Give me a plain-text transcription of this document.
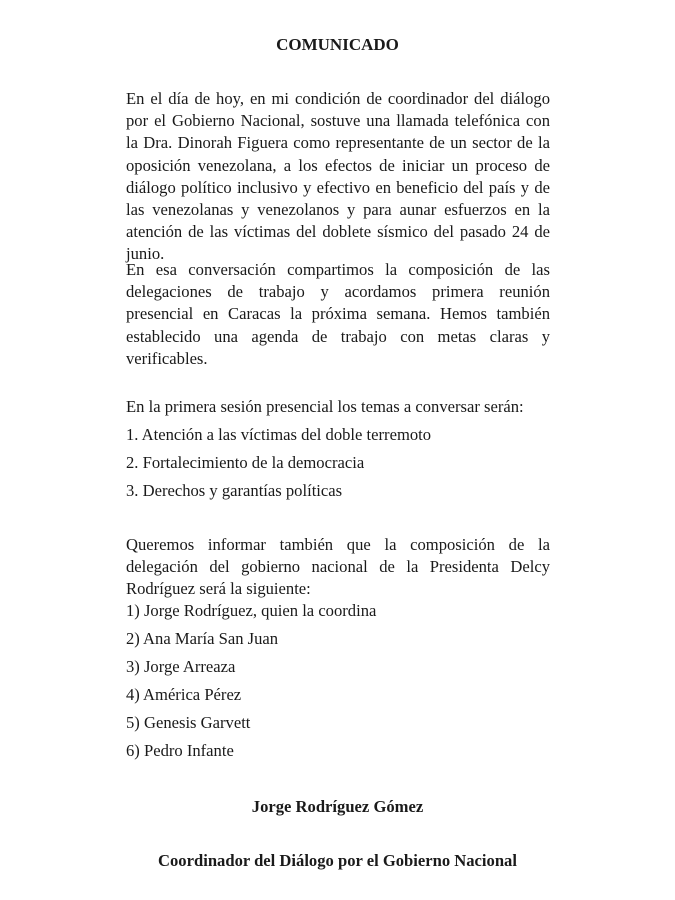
COMUNICADO

En el día de hoy, en mi condición de coordinador del diálogo por el Gobierno Nacional, sostuve una llamada telefónica con la Dra. Dinorah Figuera como representante de un sector de la oposición venezolana, a los efectos de iniciar un proceso de diálogo político inclusivo y efectivo en beneficio del país y de las venezolanas y venezolanos y para aunar esfuerzos en la atención de las víctimas del doblete sísmico del pasado 24 de junio.

En esa conversación compartimos la composición de las delegaciones de trabajo y acordamos primera reunión presencial en Caracas la próxima semana. Hemos también establecido una agenda de trabajo con metas claras y verificables.

En la primera sesión presencial los temas a conversar serán:

1. Atención a las víctimas del doble terremoto
2. Fortalecimiento de la democracia
3. Derechos y garantías políticas

Queremos informar también que la composición de la delegación del gobierno nacional de la Presidenta Delcy Rodríguez será la siguiente:

1) Jorge Rodríguez, quien la coordina
2) Ana María San Juan
3) Jorge Arreaza
4) América Pérez
5) Genesis Garvett
6) Pedro Infante
Jorge Rodríguez Gómez
Coordinador del Diálogo por el Gobierno Nacional
